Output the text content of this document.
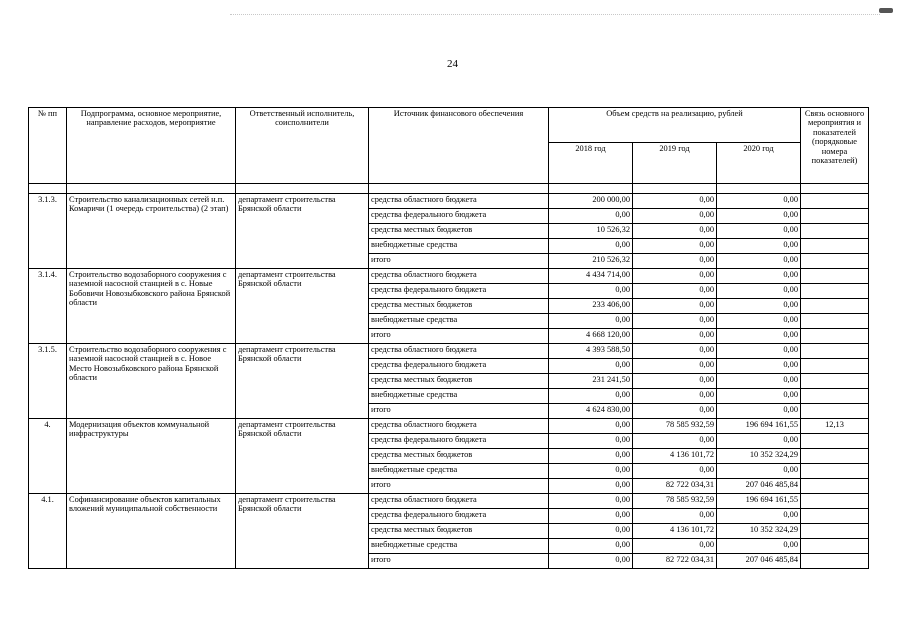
24
№ пп	Подпрограмма, основное мероприятие, направление расходов, мероприятие	Ответственный исполнитель, соисполнители	Источник финансового обеспечения	Объем средств на реализацию, рублей			Связь основного мероприятия и показателей (порядковые номера показателей)
				2018 год	2019 год	2020 год	

3.1.3.	Строительство канализационных сетей н.п. Комаричи (1 очередь строительства) (2 этап)	департамент строительства Брянской области	средства областного бюджета	200 000,00	0,00	0,00	
			средства федерального бюджета	0,00	0,00	0,00	
			средства местных бюджетов	10 526,32	0,00	0,00	
			внебюджетные средства	0,00	0,00	0,00	
			итого	210 526,32	0,00	0,00	
3.1.4.	Строительство водозаборного сооружения с наземной насосной станцией в с. Новые Бобовичи Новозыбковского района Брянской области	департамент строительства Брянской области	средства областного бюджета	4 434 714,00	0,00	0,00	
			средства федерального бюджета	0,00	0,00	0,00	
			средства местных бюджетов	233 406,00	0,00	0,00	
			внебюджетные средства	0,00	0,00	0,00	
			итого	4 668 120,00	0,00	0,00	
3.1.5.	Строительство водозаборного сооружения с наземной насосной станцией в с. Новое Место Новозыбковского района Брянской области	департамент строительства Брянской области	средства областного бюджета	4 393 588,50	0,00	0,00	
			средства федерального бюджета	0,00	0,00	0,00	
			средства местных бюджетов	231 241,50	0,00	0,00	
			внебюджетные средства	0,00	0,00	0,00	
			итого	4 624 830,00	0,00	0,00	
4.	Модернизация объектов коммунальной инфраструктуры	департамент строительства Брянской области	средства областного бюджета	0,00	78 585 932,59	196 694 161,55	12,13
			средства федерального бюджета	0,00	0,00	0,00	
			средства местных бюджетов	0,00	4 136 101,72	10 352 324,29	
			внебюджетные средства	0,00	0,00	0,00	
			итого	0,00	82 722 034,31	207 046 485,84	
4.1.	Софинансирование объектов капитальных вложений муниципальной собственности	департамент строительства Брянской области	средства областного бюджета	0,00	78 585 932,59	196 694 161,55	
			средства федерального бюджета	0,00	0,00	0,00	
			средства местных бюджетов	0,00	4 136 101,72	10 352 324,29	
			внебюджетные средства	0,00	0,00	0,00	
			итого	0,00	82 722 034,31	207 046 485,84	
